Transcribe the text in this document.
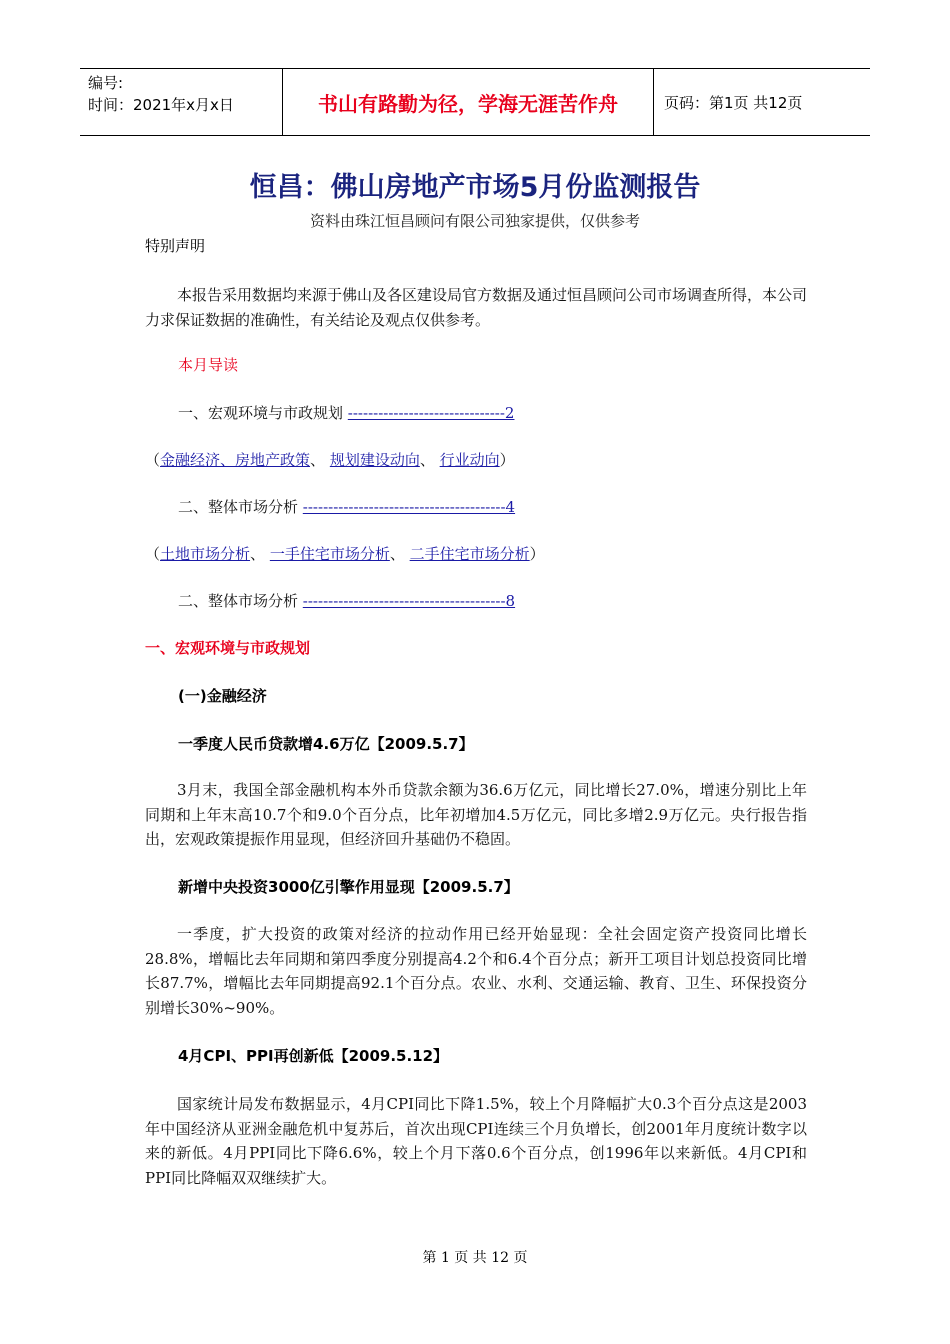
编号:
时间：2021年x月x日	书山有路勤为径，学海无涯苦作舟	页码：第1页 共12页
恒昌：佛山房地产市场5月份监测报告
资料由珠江恒昌顾问有限公司独家提供，仅供参考
特别声明
本报告采用数据均来源于佛山及各区建设局官方数据及通过恒昌顾问公司市场调查所得，本公司力求保证数据的准确性，有关结论及观点仅供参考。
本月导读
一、宏观环境与市政规划 -------------------------------2
（金融经济、房地产政策、 规划建设动向、 行业动向）
二、整体市场分析 ----------------------------------------4
（土地市场分析、 一手住宅市场分析、 二手住宅市场分析）
二、整体市场分析 ----------------------------------------8
一、宏观环境与市政规划
(一)金融经济
一季度人民币贷款增4.6万亿【2009.5.7】
3月末，我国全部金融机构本外币贷款余额为36.6万亿元，同比增长27.0%，增速分别比上年同期和上年末高10.7个和9.0个百分点，比年初增加4.5万亿元，同比多增2.9万亿元。央行报告指出，宏观政策提振作用显现，但经济回升基础仍不稳固。
新增中央投资3000亿引擎作用显现【2009.5.7】
一季度，扩大投资的政策对经济的拉动作用已经开始显现：全社会固定资产投资同比增长28.8%，增幅比去年同期和第四季度分别提高4.2个和6.4个百分点；新开工项目计划总投资同比增长87.7%，增幅比去年同期提高92.1个百分点。农业、水利、交通运输、教育、卫生、环保投资分别增长30%~90%。
4月CPI、PPI再创新低【2009.5.12】
国家统计局发布数据显示，4月CPI同比下降1.5%，较上个月降幅扩大0.3个百分点这是2003年中国经济从亚洲金融危机中复苏后，首次出现CPI连续三个月负增长，创2001年月度统计数字以来的新低。4月PPI同比下降6.6%，较上个月下落0.6个百分点，创1996年以来新低。4月CPI和PPI同比降幅双双继续扩大。
第 1 页 共 12 页
